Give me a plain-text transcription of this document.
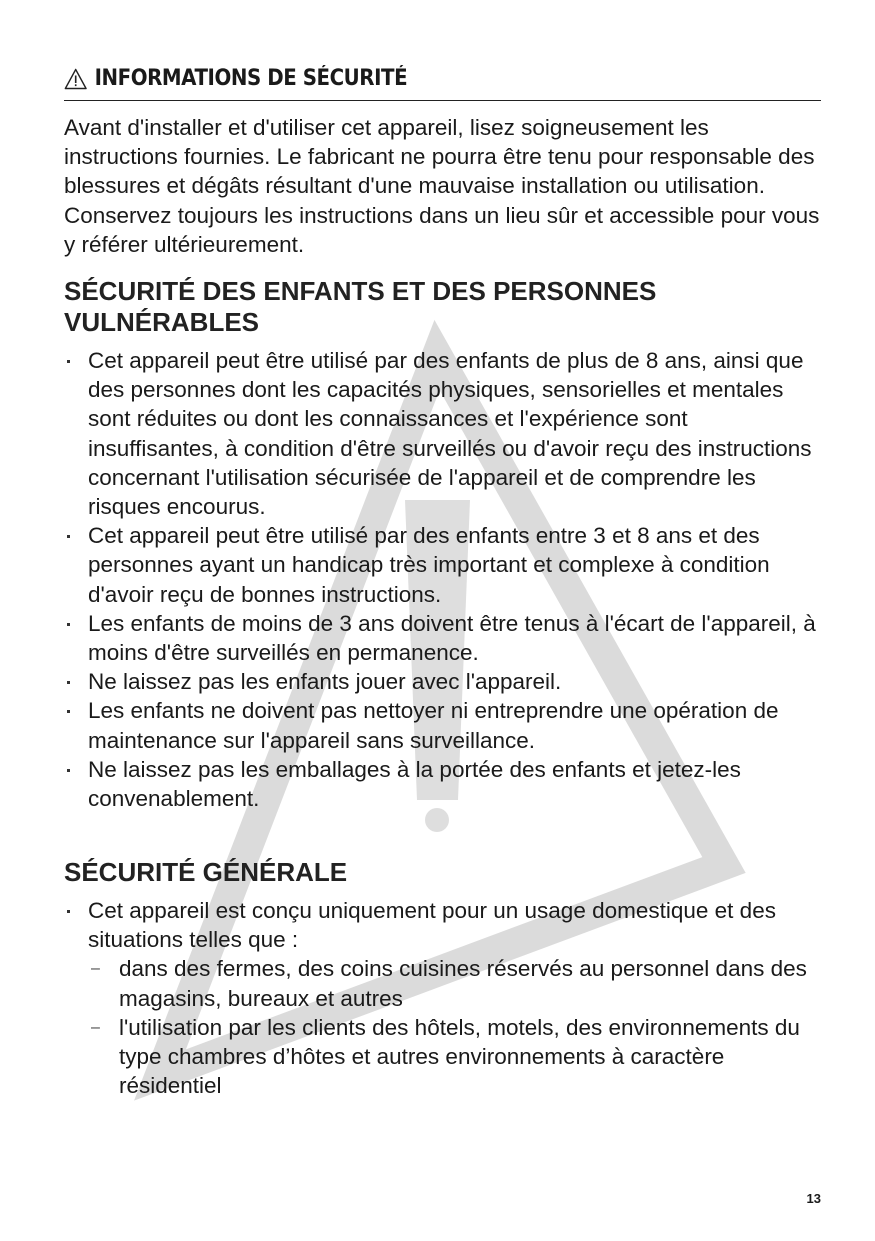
INFORMATIONS DE SÉCURITÉ

Avant d'installer et d'utiliser cet appareil, lisez soigneusement les instructions fournies. Le fabricant ne pourra être tenu pour responsable des blessures et dégâts résultant d'une mauvaise installation ou utilisation. Conservez toujours les instructions dans un lieu sûr et accessible pour vous y référer ultérieurement.

SÉCURITÉ DES ENFANTS ET DES PERSONNES
VULNÉRABLES
Cet appareil peut être utilisé par des enfants de plus de 8 ans, ainsi que des personnes dont les capacités physiques, sensorielles et mentales sont réduites ou dont les connaissances et l'expérience sont insuffisantes, à condition d'être surveillés ou d'avoir reçu des instructions concernant l'utilisation sécurisée de l'appareil et de comprendre les risques encourus.
Cet appareil peut être utilisé par des enfants entre 3 et 8 ans et des personnes ayant un handicap très important et complexe à condition d'avoir reçu de bonnes instructions.
Les enfants de moins de 3 ans doivent être tenus à l'écart de l'appareil, à moins d'être surveillés en permanence.
Ne laissez pas les enfants jouer avec l'appareil.
Les enfants ne doivent pas nettoyer ni entreprendre une opération de maintenance sur l'appareil sans surveillance.
Ne laissez pas les emballages à la portée des enfants et jetez-les convenablement.
SÉCURITÉ GÉNÉRALE
Cet appareil est conçu uniquement pour un usage domestique et des situations telles que :
– dans des fermes, des coins cuisines réservés au personnel dans des magasins, bureaux et autres
– l'utilisation par les clients des hôtels, motels, des environnements du type chambres d’hôtes et autres environnements à caractère résidentiel
13
